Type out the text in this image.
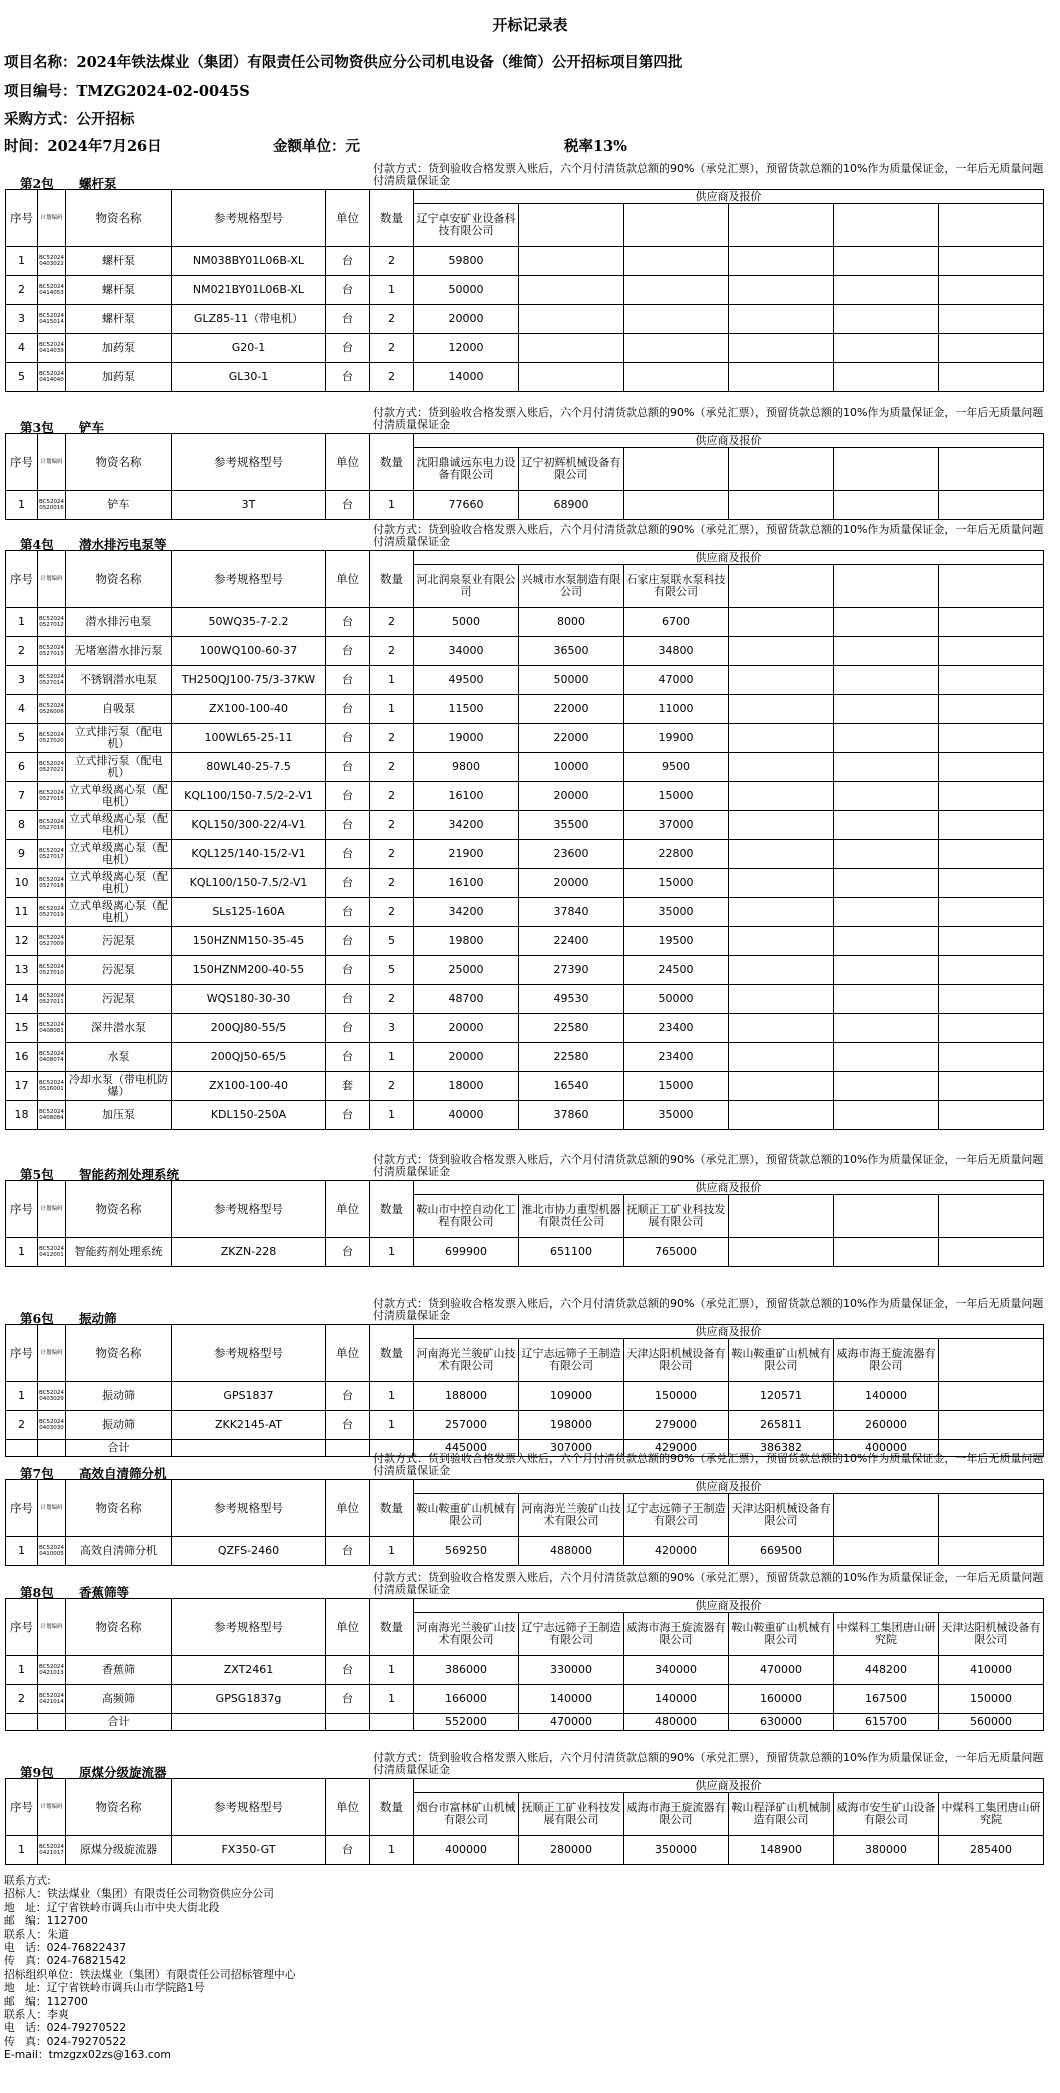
开标记录表
项目名称：2024年铁法煤业（集团）有限责任公司物资供应分公司机电设备（维简）公开招标项目第四批
项目编号：TMZG2024-02-0045S
采购方式：公开招标
时间：2024年7月26日	金额单位：元	税率13%
付款方式：货到验收合格发票入账后，六个月付清货款总额的90%（承兑汇票），预留货款总额的10%作为质量保证金，一年后无质量问题付清质量保证金
第2包 螺杆泵
序号	计划编码	物资名称	参考规格型号	单位	数量	供应商及报价					
						辽宁卓安矿业设备科技有限公司					
1	BC520240403022	螺杆泵	NM038BY01L06B-XL	台	2	59800					
2	BC520240414053	螺杆泵	NM021BY01L06B-XL	台	1	50000					
3	BC520240415014	螺杆泵	GLZ85-11（带电机）	台	2	20000					
4	BC520240414039	加药泵	G20-1	台	2	12000					
5	BC520240414040	加药泵	GL30-1	台	2	14000					
付款方式：货到验收合格发票入账后，六个月付清货款总额的90%（承兑汇票），预留货款总额的10%作为质量保证金，一年后无质量问题付清质量保证金
第3包 铲车
序号	计划编码	物资名称	参考规格型号	单位	数量	供应商及报价					
						沈阳鼎诚远东电力设备有限公司	辽宁初辉机械设备有限公司				
1	BC520240520016	铲车	3T	台	1	77660	68900				
付款方式：货到验收合格发票入账后，六个月付清货款总额的90%（承兑汇票），预留货款总额的10%作为质量保证金，一年后无质量问题付清质量保证金
第4包 潜水排污电泵等
序号	计划编码	物资名称	参考规格型号	单位	数量	供应商及报价					
						河北润泉泵业有限公司	兴城市水泵制造有限公司	石家庄泵联水泵科技有限公司			
1	BC520240527012	潜水排污电泵	50WQ35-7-2.2	台	2	5000	8000	6700			
2	BC520240527013	无堵塞潜水排污泵	100WQ100-60-37	台	2	34000	36500	34800			
3	BC520240527014	不锈钢潜水电泵	TH250QJ100-75/3-37KW	台	1	49500	50000	47000			
4	BC520240526006	自吸泵	ZX100-100-40	台	1	11500	22000	11000			
5	BC520240527020	立式排污泵（配电机）	100WL65-25-11	台	2	19000	22000	19900			
6	BC520240527021	立式排污泵（配电机）	80WL40-25-7.5	台	2	9800	10000	9500			
7	BC520240527015	立式单级离心泵（配电机）	KQL100/150-7.5/2-2-V1	台	2	16100	20000	15000			
8	BC520240527016	立式单级离心泵（配电机）	KQL150/300-22/4-V1	台	2	34200	35500	37000			
9	BC520240527017	立式单级离心泵（配电机）	KQL125/140-15/2-V1	台	2	21900	23600	22800			
10	BC520240527018	立式单级离心泵（配电机）	KQL100/150-7.5/2-V1	台	2	16100	20000	15000			
11	BC520240527019	立式单级离心泵（配电机）	SLs125-160A	台	2	34200	37840	35000			
12	BC520240527009	污泥泵	150HZNM150-35-45	台	5	19800	22400	19500			
13	BC520240527010	污泥泵	150HZNM200-40-55	台	5	25000	27390	24500			
14	BC520240527011	污泥泵	WQS180-30-30	台	2	48700	49530	50000			
15	BC520240408081	深井潜水泵	200QJ80-55/5	台	3	20000	22580	23400			
16	BC520240408074	水泵	200QJ50-65/5	台	1	20000	22580	23400			
17	BC520240516001	冷却水泵（带电机防爆）	ZX100-100-40	套	2	18000	16540	15000			
18	BC520240408084	加压泵	KDL150-250A	台	1	40000	37860	35000			
付款方式：货到验收合格发票入账后，六个月付清货款总额的90%（承兑汇票），预留货款总额的10%作为质量保证金，一年后无质量问题付清质量保证金
第5包 智能药剂处理系统
序号	计划编码	物资名称	参考规格型号	单位	数量	供应商及报价					
						鞍山市中控自动化工程有限公司	淮北市协力重型机器有限责任公司	抚顺正工矿业科技发展有限公司			
1	BC520240412001	智能药剂处理系统	ZKZN-228	台	1	699900	651100	765000			
付款方式：货到验收合格发票入账后，六个月付清货款总额的90%（承兑汇票），预留货款总额的10%作为质量保证金，一年后无质量问题付清质量保证金
第6包 振动筛
序号	计划编码	物资名称	参考规格型号	单位	数量	供应商及报价					
						河南海光兰骏矿山技术有限公司	辽宁志远筛子王制造有限公司	天津达阳机械设备有限公司	鞍山鞍重矿山机械有限公司	威海市海王旋流器有限公司	
1	BC520240403029	振动筛	GPS1837	台	1	188000	109000	150000	120571	140000	
2	BC520240403030	振动筛	ZKK2145-AT	台	1	257000	198000	279000	265811	260000	
		合计				445000	307000	429000	386382	400000	
付款方式：货到验收合格发票入账后，六个月付清货款总额的90%（承兑汇票），预留货款总额的10%作为质量保证金，一年后无质量问题付清质量保证金
第7包 高效自清筛分机
序号	计划编码	物资名称	参考规格型号	单位	数量	供应商及报价					
						鞍山鞍重矿山机械有限公司	河南海光兰骏矿山技术有限公司	辽宁志远筛子王制造有限公司	天津达阳机械设备有限公司		
1	BC520240410005	高效自清筛分机	QZFS-2460	台	1	569250	488000	420000	669500		
付款方式：货到验收合格发票入账后，六个月付清货款总额的90%（承兑汇票），预留货款总额的10%作为质量保证金，一年后无质量问题付清质量保证金
第8包 香蕉筛等
序号	计划编码	物资名称	参考规格型号	单位	数量	供应商及报价					
						河南海光兰骏矿山技术有限公司	辽宁志远筛子王制造有限公司	威海市海王旋流器有限公司	鞍山鞍重矿山机械有限公司	中煤科工集团唐山研究院	天津达阳机械设备有限公司
1	BC520240421013	香蕉筛	ZXT2461	台	1	386000	330000	340000	470000	448200	410000
2	BC520240421014	高频筛	GPSG1837g	台	1	166000	140000	140000	160000	167500	150000
		合计				552000	470000	480000	630000	615700	560000
付款方式：货到验收合格发票入账后，六个月付清货款总额的90%（承兑汇票），预留货款总额的10%作为质量保证金，一年后无质量问题付清质量保证金
第9包 原煤分级旋流器
序号	计划编码	物资名称	参考规格型号	单位	数量	供应商及报价					
						烟台市富林矿山机械有限公司	抚顺正工矿业科技发展有限公司	威海市海王旋流器有限公司	鞍山程泽矿山机械制造有限公司	威海市安生矿山设备有限公司	中煤科工集团唐山研究院
1	BC520240421017	原煤分级旋流器	FX350-GT	台	1	400000	280000	350000	148900	380000	285400
联系方式:
招标人：铁法煤业（集团）有限责任公司物资供应分公司
地   址：辽宁省铁岭市调兵山市中央大街北段
邮   编：112700
联系人：朱道
电   话：024-76822437
传   真：024-76821542
招标组织单位：铁法煤业（集团）有限责任公司招标管理中心
地   址：辽宁省铁岭市调兵山市学院路1号
邮   编：112700
联系人：李爽
电   话：024-79270522
传   真：024-79270522
E-mail：tmzgzx02zs@163.com
